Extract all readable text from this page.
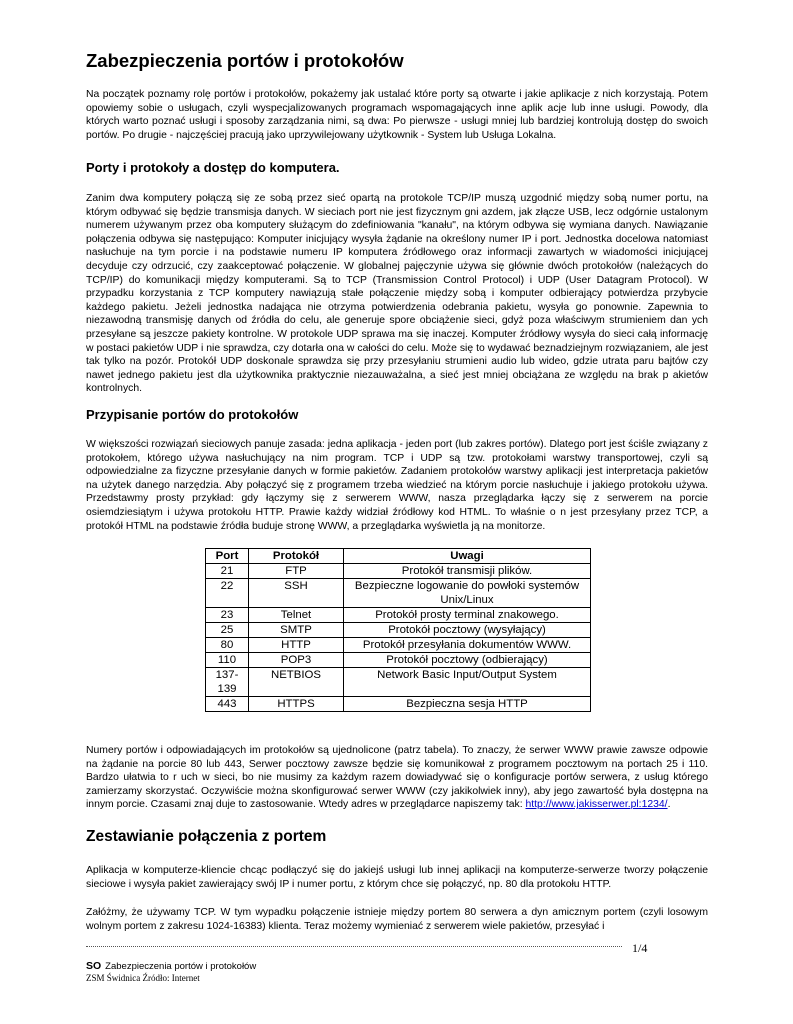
Zabezpieczenia portów i protokołów

Na początek poznamy rolę portów i protokołów, pokażemy jak ustalać które porty są otwarte i jakie aplikacje z nich korzystają. Potem opowiemy sobie o usługach, czyli wyspecjalizowanych programach wspomagających inne aplik acje lub inne usługi. Powody, dla których warto poznać usługi i sposoby zarządzania nimi, są dwa: Po pierwsze - usługi mniej lub bardziej kontrolują dostęp do swoich portów. Po drugie - najczęściej pracują jako uprzywilejowany użytkownik - System lub Usługa Lokalna.

Porty i protokoły a dostęp do komputera.

Zanim dwa komputery połączą się ze sobą przez sieć opartą na protokole TCP/IP muszą uzgodnić między sobą numer portu, na którym odbywać się będzie transmisja danych. W sieciach port nie jest fizycznym gni azdem, jak złącze USB, lecz odgórnie ustalonym numerem używanym przez oba komputery służącym do zdefiniowania "kanału", na którym odbywa się wymiana danych. Nawiązanie połączenia odbywa się następująco: Komputer inicjujący wysyła żądanie na określony numer IP i port. Jednostka docelowa natomiast nasłuchuje na tym porcie i na podstawie numeru IP komputera źródłowego oraz informacji zawartych w wiadomości inicjującej decyduje czy odrzucić, czy zaakceptować połączenie. W globalnej pajęczynie używa się głównie dwóch protokołów (należących do TCP/IP) do komunikacji między komputerami. Są to TCP (Transmission Control Protocol) i UDP (User Datagram Protocol). W przypadku korzystania z TCP komputery nawiązują stałe połączenie między sobą i komputer odbierający potwierdza przybycie każdego pakietu. Jeżeli jednostka nadająca nie otrzyma potwierdzenia odebrania pakietu, wysyła go ponownie. Zapewnia to niezawodną transmisję danych od źródła do celu, ale generuje spore obciążenie sieci, gdyż poza właściwym strumieniem dan ych przesyłane są jeszcze pakiety kontrolne. W protokole UDP sprawa ma się inaczej. Komputer źródłowy wysyła do sieci całą informację w postaci pakietów UDP i nie sprawdza, czy dotarła ona w całości do celu. Może się to wydawać beznadziejnym rozwiązaniem, ale jest tak tylko na pozór. Protokół UDP doskonale sprawdza się przy przesyłaniu strumieni audio lub wideo, gdzie utrata paru bajtów czy nawet jednego pakietu jest dla użytkownika praktycznie niezauważalna, a sieć jest mniej obciążana ze względu na brak p akietów kontrolnych.

Przypisanie portów do protokołów

W większości rozwiązań sieciowych panuje zasada: jedna aplikacja - jeden port (lub zakres portów). Dlatego port jest ściśle związany z protokołem, którego używa nasłuchujący na nim program. TCP i UDP są tzw. protokołami warstwy transportowej, czyli są odpowiedzialne za fizyczne przesyłanie danych w formie pakietów. Zadaniem protokołów warstwy aplikacji jest interpretacja pakietów na użytek danego narzędzia. Aby połączyć się z programem trzeba wiedzieć na którym porcie nasłuchuje i jakiego protokołu używa. Przedstawmy prosty przykład: gdy łączymy się z serwerem WWW, nasza przeglądarka łączy się z serwerem na porcie osiemdziesiątym i używa protokołu HTTP. Prawie każdy widział źródłowy kod HTML. To właśnie o n jest przesyłany przez TCP, a protokół HTML na podstawie źródła buduje stronę WWW, a przeglądarka wyświetla ją na monitorze.

Port	Protokół	Uwagi
21	FTP	Protokół transmisji plików.
22	SSH	Bezpieczne logowanie do powłoki systemów Unix/Linux
23	Telnet	Protokół prosty terminal znakowego.
25	SMTP	Protokół pocztowy (wysyłający)
80	HTTP	Protokół przesyłania dokumentów WWW.
110	POP3	Protokół pocztowy (odbierający)
137-139	NETBIOS	Network Basic Input/Output System
443	HTTPS	Bezpieczna sesja HTTP

Numery portów i odpowiadających im protokołów są ujednolicone (patrz tabela). To znaczy, że serwer WWW prawie zawsze odpowie na żądanie na porcie 80 lub 443, Serwer pocztowy zawsze będzie się komunikował z programem pocztowym na portach 25 i 110. Bardzo ułatwia to r uch w sieci, bo nie musimy za każdym razem dowiadywać się o konfiguracje portów serwera, z usług którego zamierzamy skorzystać. Oczywiście można skonfigurować serwer WWW (czy jakikolwiek inny), aby jego zawartość była dostępna na innym porcie. Czasami znaj duje to zastosowanie. Wtedy adres w przeglądarce napiszemy tak: http://www.jakisserwer.pl:1234/.

Zestawianie połączenia z portem

Aplikacja w komputerze-kliencie chcąc podłączyć się do jakiejś usługi lub innej aplikacji na komputerze-serwerze tworzy połączenie sieciowe i wysyła pakiet zawierający swój IP i numer portu, z którym chce się połączyć, np. 80 dla protokołu HTTP.

Załóżmy, że używamy TCP. W tym wypadku połączenie istnieje między portem 80 serwera a dyn amicznym portem (czyli losowym wolnym portem z zakresu 1024-16383) klienta. Teraz możemy wymieniać z serwerem wiele pakietów, przesyłać i

1/4
SO Zabezpieczenia portów i protokołów
ZSM Świdnica Źródło: Internet
